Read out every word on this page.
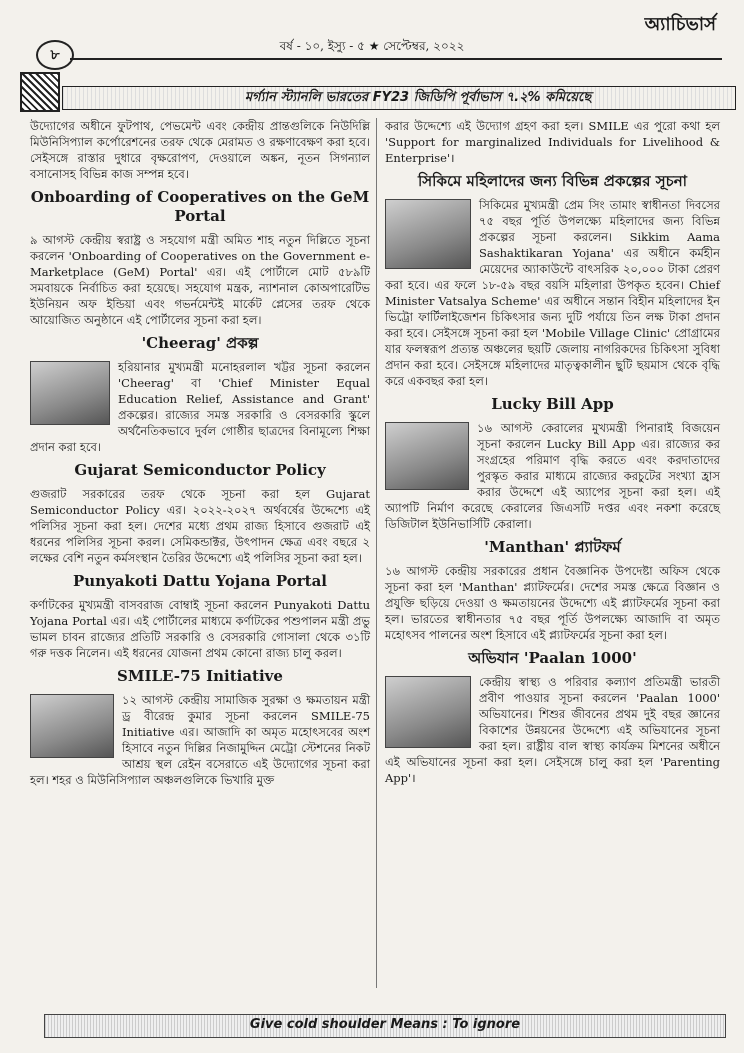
৮
বর্ষ - ১০, ইস্যু - ৫ ★ সেপ্টেম্বর, ২০২২
অ্যাচিভার্স
মর্গ্যান স্ট্যানলি ভারতের FY23 জিডিপি পূর্বাভাস ৭.২% কমিয়েছে

উদ্যোগের অধীনে ফুটপাথ, পেভমেন্ট এবং কেন্দ্রীয় প্রান্তগুলিকে নিউদিল্লি মিউনিসিপ্যাল কর্পোরেশনের তরফ থেকে মেরামত ও রক্ষণাবেক্ষণ করা হবে। সেইসঙ্গে রাস্তার দুধারে বৃক্ষরোপণ, দেওয়ালে অঙ্কন, নূতন সিগন্যাল বসানোসহ বিভিন্ন কাজ সম্পন্ন হবে।

Onboarding of Cooperatives on the GeM Portal

৯ আগস্ট কেন্দ্রীয় স্বরাষ্ট্র ও সহযোগ মন্ত্রী অমিত শাহ নতুন দিল্লিতে সূচনা করলেন 'Onboarding of Cooperatives on the Government e-Marketplace (GeM) Portal' এর। এই পোর্টালে মোট ৫৮৯টি সমবায়কে নির্বাচিত করা হয়েছে। সহযোগ মন্ত্রক, ন্যাশনাল কোঅপারেটিভ ইউনিয়ন অফ ইন্ডিয়া এবং গভর্নমেন্টই মার্কেট প্লেসের তরফ থেকে আয়োজিত অনুষ্ঠানে এই পোর্টালের সূচনা করা হল।

'Cheerag' প্রকল্প

হরিয়ানার মুখ্যমন্ত্রী মনোহরলাল খট্টর সূচনা করলেন 'Cheerag' বা 'Chief Minister Equal Education Relief, Assistance and Grant' প্রকল্পের। রাজ্যের সমস্ত সরকারি ও বেসরকারি স্কুলে অর্থনৈতিকভাবে দুর্বল গোষ্ঠীর ছাত্রদের বিনামূল্যে শিক্ষা প্রদান করা হবে।

Gujarat Semiconductor Policy

গুজরাট সরকারের তরফ থেকে সূচনা করা হল Gujarat Semiconductor Policy এর। ২০২২-২০২৭ অর্থবর্ষের উদ্দেশ্যে এই পলিসির সূচনা করা হল। দেশের মধ্যে প্রথম রাজ্য হিসাবে গুজরাট এই ধরনের পলিসির সূচনা করল। সেমিকন্ডাক্টর, উৎপাদন ক্ষেত্র এবং বছরে ২ লক্ষের বেশি নতুন কর্মসংস্থান তৈরির উদ্দেশ্যে এই পলিসির সূচনা করা হল।

Punyakoti Dattu Yojana Portal

কর্ণাটকের মুখ্যমন্ত্রী বাসবরাজ বোম্বাই সূচনা করলেন Punyakoti Dattu Yojana Portal এর। এই পোর্টালের মাধ্যমে কর্ণাটকের পশুপালন মন্ত্রী প্রভু ভামল চাবন রাজ্যের প্রতিটি সরকারি ও বেসরকারি গোসালা থেকে ৩১টি গরু দত্তক নিলেন। এই ধরনের যোজনা প্রথম কোনো রাজ্য চালু করল।

SMILE-75 Initiative

১২ আগস্ট কেন্দ্রীয় সামাজিক সুরক্ষা ও ক্ষমতায়ন মন্ত্রী ড্র বীরেন্দ্র কুমার সূচনা করলেন SMILE-75 Initiative এর। আজাদি কা অমৃত মহোৎসবের অংশ হিসাবে নতুন দিল্লির নিজামুদ্দিন মেট্রো স্টেশনের নিকট আশ্রয় স্থল রেইন বসেরাতে এই উদ্যোগের সূচনা করা হল। শহর ও মিউনিসিপ্যাল অঞ্চলগুলিকে ভিখারি মুক্ত

করার উদ্দেশ্যে এই উদ্যোগ গ্রহণ করা হল। SMILE এর পুরো কথা হল 'Support for marginalized Individuals for Livelihood & Enterprise'।

সিকিমে মহিলাদের জন্য বিভিন্ন প্রকল্পের সূচনা

সিকিমের মুখ্যমন্ত্রী প্রেম সিং তামাং স্বাধীনতা দিবসের ৭৫ বছর পূর্তি উপলক্ষ্যে মহিলাদের জন্য বিভিন্ন প্রকল্পের সূচনা করলেন। Sikkim Aama Sashaktikaran Yojana' এর অধীনে কর্মহীন মেয়েদের অ্যাকাউন্টে বাৎসরিক ২০,০০০ টাকা প্রেরণ করা হবে। এর ফলে ১৮-৫৯ বছর বয়সি মহিলারা উপকৃত হবেন। Chief Minister Vatsalya Scheme' এর অধীনে সন্তান বিহীন মহিলাদের ইন ভিট্রো ফার্টিলাইজেশন চিকিৎসার জন্য দুটি পর্যায়ে তিন লক্ষ টাকা প্রদান করা হবে। সেইসঙ্গে সূচনা করা হল 'Mobile Village Clinic' প্রোগ্রামের যার ফলস্বরূপ প্রত্যন্ত অঞ্চলের ছয়টি জেলায় নাগরিকদের চিকিৎসা সুবিধা প্রদান করা হবে। সেইসঙ্গে মহিলাদের মাতৃত্বকালীন ছুটি ছয়মাস থেকে বৃদ্ধি করে একবছর করা হল।

Lucky Bill App

১৬ আগস্ট কেরালের মুখ্যমন্ত্রী পিনারাই বিজয়েন সূচনা করলেন Lucky Bill App এর। রাজ্যের কর সংগ্রহের পরিমাণ বৃদ্ধি করতে এবং করদাতাদের পুরস্কৃত করার মাধ্যমে রাজ্যের করচুটের সংখ্যা হ্রাস করার উদ্দেশে এই অ্যাপের সূচনা করা হল। এই অ্যাপটি নির্মাণ করেছে কেরালের জিএসটি দপ্তর এবং নকশা করেছে ডিজিটাল ইউনিভার্সিটি কেরালা।

'Manthan' প্ল্যাটফর্ম

১৬ আগস্ট কেন্দ্রীয় সরকারের প্রধান বৈজ্ঞানিক উপদেষ্টা অফিস থেকে সূচনা করা হল 'Manthan' প্ল্যাটফর্মের। দেশের সমস্ত ক্ষেত্রে বিজ্ঞান ও প্রযুক্তি ছড়িয়ে দেওয়া ও ক্ষমতায়নের উদ্দেশ্যে এই প্ল্যাটফর্মের সূচনা করা হল। ভারতের স্বাধীনতার ৭৫ বছর পূর্তি উপলক্ষ্যে আজাদি বা অমৃত মহোৎসব পালনের অংশ হিসাবে এই প্ল্যাটফর্মের সূচনা করা হল।

অভিযান 'Paalan 1000'

কেন্দ্রীয় স্বাস্থ্য ও পরিবার কল্যাণ প্রতিমন্ত্রী ভারতী প্রবীণ পাওয়ার সূচনা করলেন 'Paalan 1000' অভিযানের। শিশুর জীবনের প্রথম দুই বছর জ্ঞানের বিকাশের উন্নয়নের উদ্দেশ্যে এই অভিযানের সূচনা করা হল। রাষ্ট্রীয় বাল স্বাস্থ্য কার্যক্রম মিশনের অধীনে এই অভিযানের সূচনা করা হল। সেইসঙ্গে চালু করা হল 'Parenting App'।

Give cold shoulder Means : To ignore
